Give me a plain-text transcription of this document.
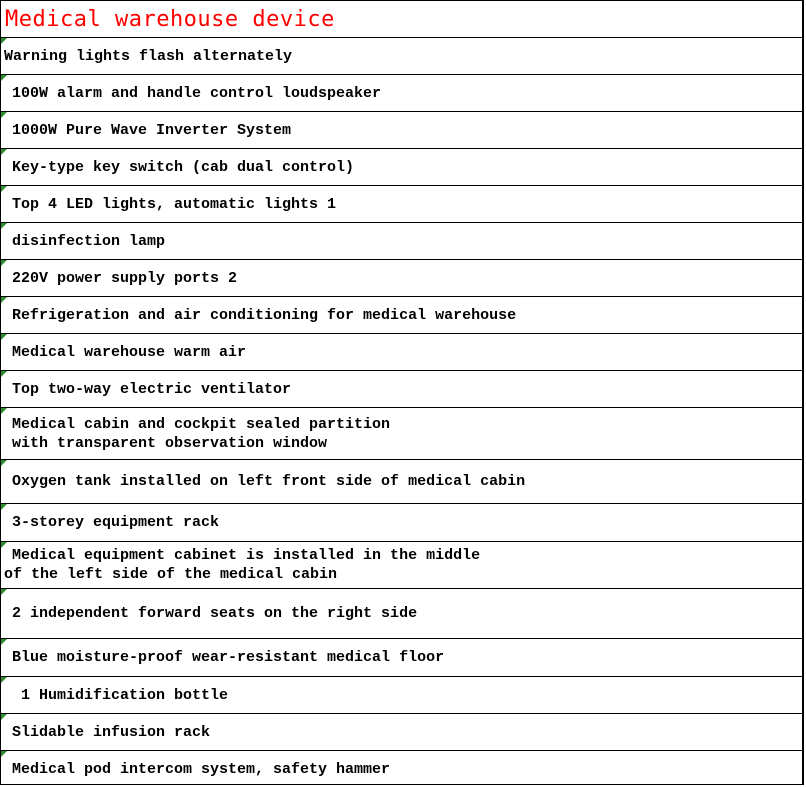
Medical warehouse device
Warning lights flash alternately
100W alarm and handle control loudspeaker
1000W Pure Wave Inverter System
Key-type key switch (cab dual control)
Top 4 LED lights, automatic lights 1
disinfection lamp
220V power supply ports 2
Refrigeration and air conditioning for medical warehouse
Medical warehouse warm air
Top two-way electric ventilator
Medical cabin and cockpit sealed partition
with transparent observation window
Oxygen tank installed on left front side of medical cabin
3-storey equipment rack
Medical equipment cabinet is installed in the middle
of the left side of the medical cabin
2 independent forward seats on the right side
Blue moisture-proof wear-resistant medical floor
1 Humidification bottle
Slidable infusion rack
Medical pod intercom system, safety hammer
